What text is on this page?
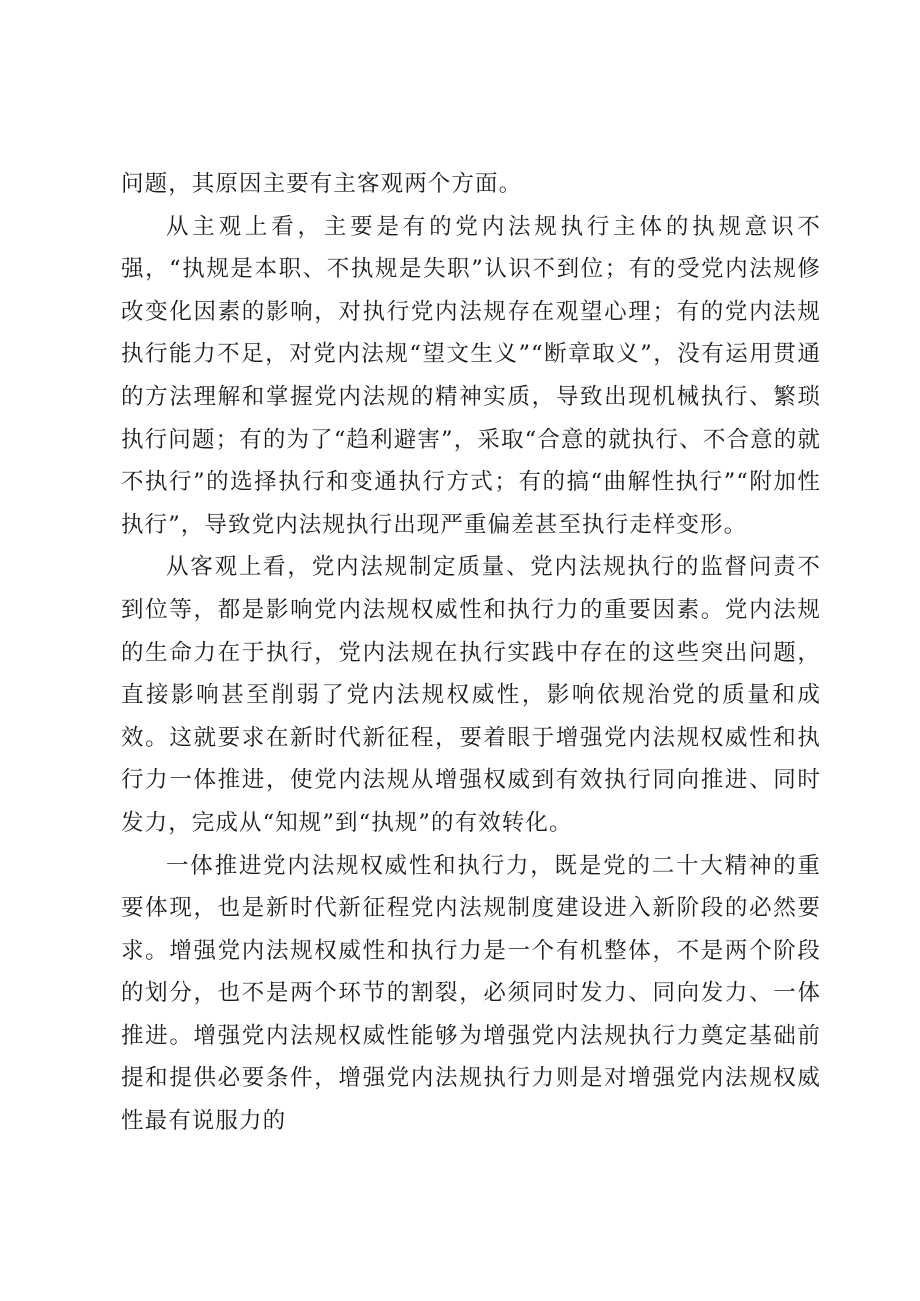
问题，其原因主要有主客观两个方面。

从主观上看，主要是有的党内法规执行主体的执规意识不强，“执规是本职、不执规是失职”认识不到位；有的受党内法规修改变化因素的影响，对执行党内法规存在观望心理；有的党内法规执行能力不足，对党内法规“望文生义”“断章取义”，没有运用贯通的方法理解和掌握党内法规的精神实质，导致出现机械执行、繁琐执行问题；有的为了“趋利避害”，采取“合意的就执行、不合意的就不执行”的选择执行和变通执行方式；有的搞“曲解性执行”“附加性执行”，导致党内法规执行出现严重偏差甚至执行走样变形。

从客观上看，党内法规制定质量、党内法规执行的监督问责不到位等，都是影响党内法规权威性和执行力的重要因素。党内法规的生命力在于执行，党内法规在执行实践中存在的这些突出问题，直接影响甚至削弱了党内法规权威性，影响依规治党的质量和成效。这就要求在新时代新征程，要着眼于增强党内法规权威性和执行力一体推进，使党内法规从增强权威到有效执行同向推进、同时发力，完成从“知规”到“执规”的有效转化。

一体推进党内法规权威性和执行力，既是党的二十大精神的重要体现，也是新时代新征程党内法规制度建设进入新阶段的必然要求。增强党内法规权威性和执行力是一个有机整体，不是两个阶段的划分，也不是两个环节的割裂，必须同时发力、同向发力、一体推进。增强党内法规权威性能够为增强党内法规执行力奠定基础前提和提供必要条件，增强党内法规执行力则是对增强党内法规权威性最有说服力的
